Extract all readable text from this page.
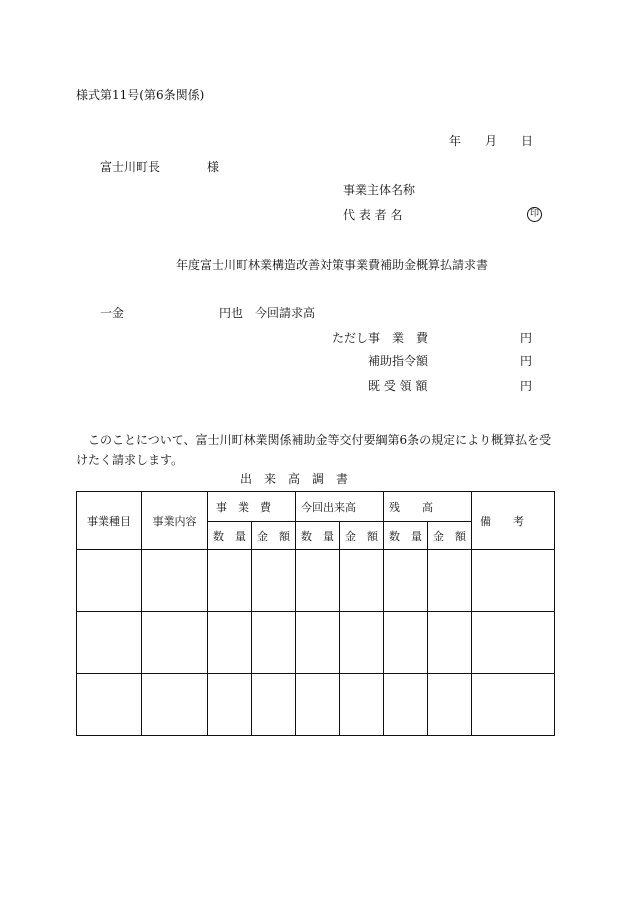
様式第11号(第6条関係)
年 月 日
富士川町長	様
事業主体名称
代 表 者 名	印
年度富士川町林業構造改善対策事業費補助金概算払請求書
一金	円也 今回請求高
ただし事　業　費	円
補助指令額	円
既 受 領 額	円
このことについて、富士川町林業関係補助金等交付要綱第6条の規定により概算払を受けたく請求します。
出　来　高　調　書
事業種目	事業内容	事　業　費		今回出来高		残　　高		備　　考
		数　量	金　額	数　量	金　額	数　量	金　額	
